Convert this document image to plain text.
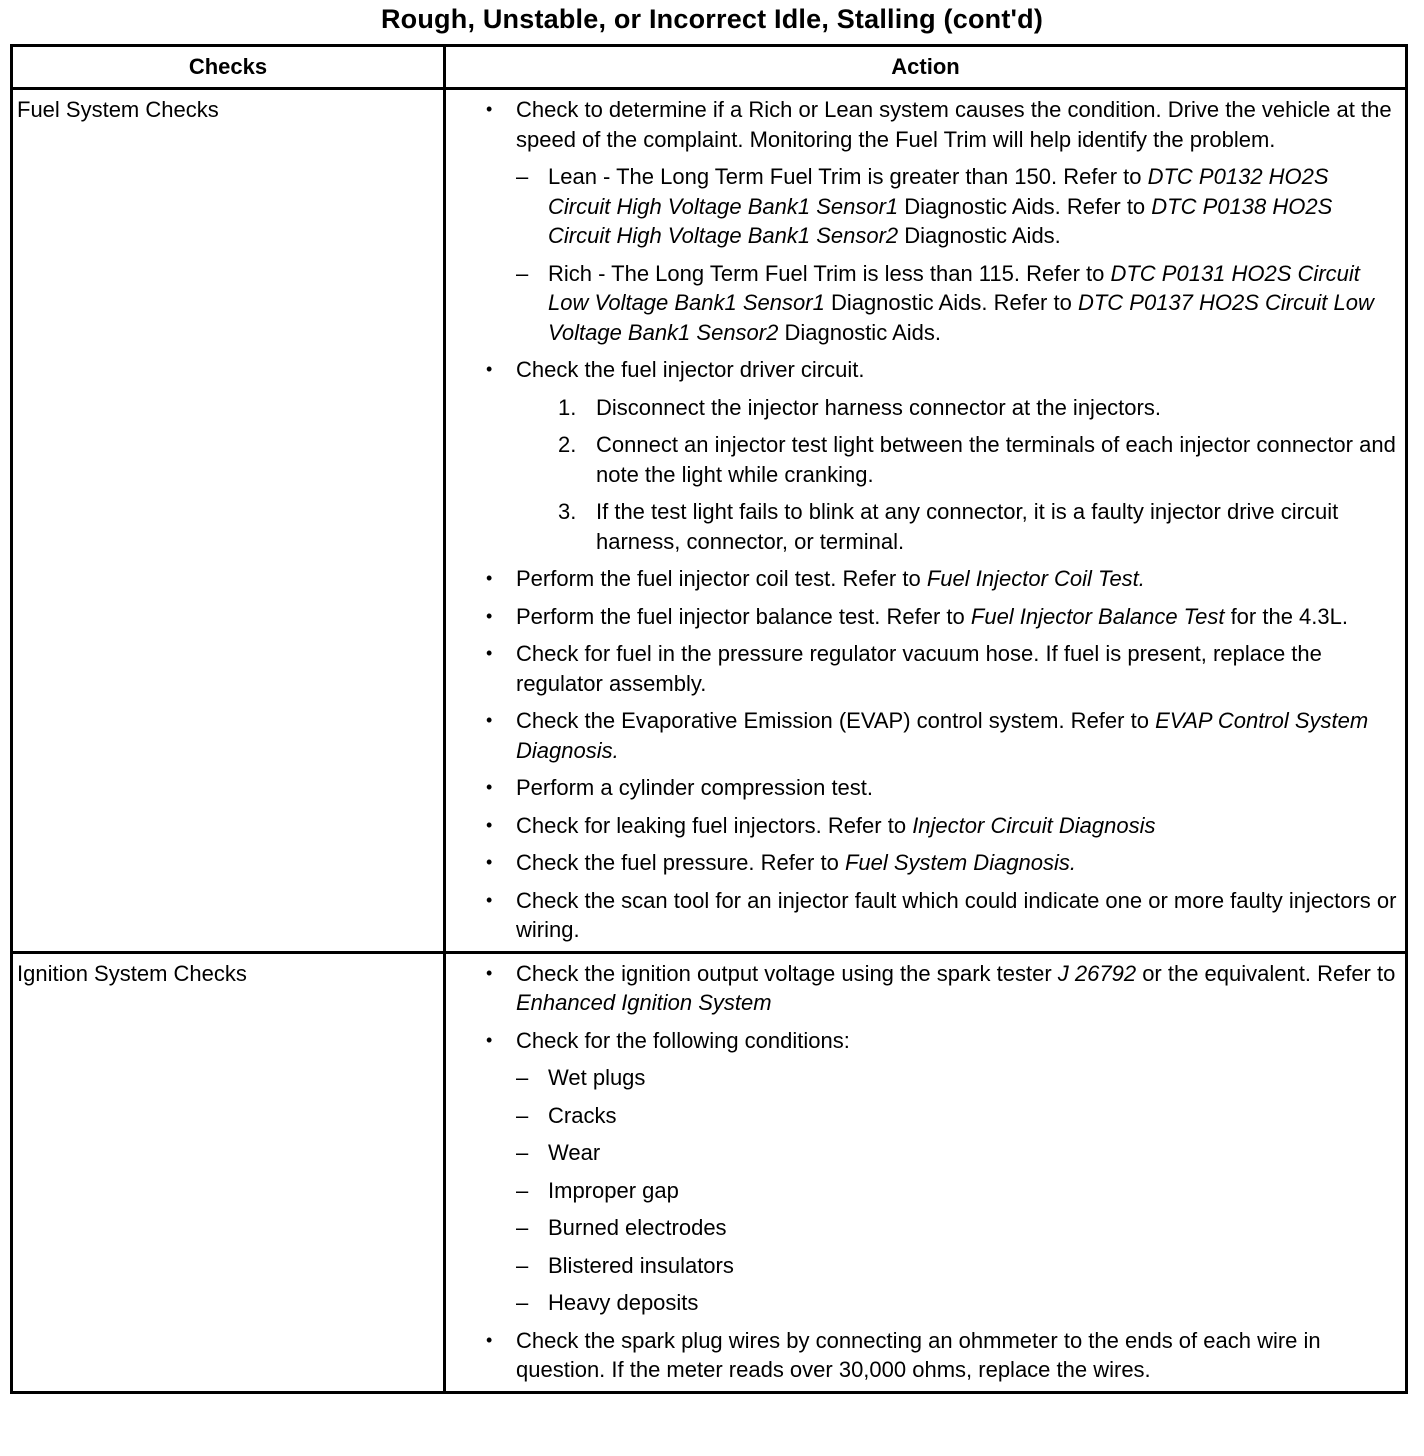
Rough, Unstable, or Incorrect Idle, Stalling (cont'd)
Checks	Action
Fuel System Checks	• Check to determine if a Rich or Lean system causes the condition. Drive the vehicle at the speed of the complaint. Monitoring the Fuel Trim will help identify the problem.
– Lean - The Long Term Fuel Trim is greater than 150. Refer to DTC P0132 HO2S Circuit High Voltage Bank1 Sensor1 Diagnostic Aids. Refer to DTC P0138 HO2S Circuit High Voltage Bank1 Sensor2 Diagnostic Aids.
– Rich - The Long Term Fuel Trim is less than 115. Refer to DTC P0131 HO2S Circuit Low Voltage Bank1 Sensor1 Diagnostic Aids. Refer to DTC P0137 HO2S Circuit Low Voltage Bank1 Sensor2 Diagnostic Aids.
• Check the fuel injector driver circuit.
1. Disconnect the injector harness connector at the injectors.
2. Connect an injector test light between the terminals of each injector connector and note the light while cranking.
3. If the test light fails to blink at any connector, it is a faulty injector drive circuit harness, connector, or terminal.
• Perform the fuel injector coil test. Refer to Fuel Injector Coil Test.
• Perform the fuel injector balance test. Refer to Fuel Injector Balance Test for the 4.3L.
• Check for fuel in the pressure regulator vacuum hose. If fuel is present, replace the regulator assembly.
• Check the Evaporative Emission (EVAP) control system. Refer to EVAP Control System Diagnosis.
• Perform a cylinder compression test.
• Check for leaking fuel injectors. Refer to Injector Circuit Diagnosis
• Check the fuel pressure. Refer to Fuel System Diagnosis.
• Check the scan tool for an injector fault which could indicate one or more faulty injectors or wiring.
Ignition System Checks	• Check the ignition output voltage using the spark tester J 26792 or the equivalent. Refer to Enhanced Ignition System
• Check for the following conditions:
– Wet plugs
– Cracks
– Wear
– Improper gap
– Burned electrodes
– Blistered insulators
– Heavy deposits
• Check the spark plug wires by connecting an ohmmeter to the ends of each wire in question. If the meter reads over 30,000 ohms, replace the wires.
